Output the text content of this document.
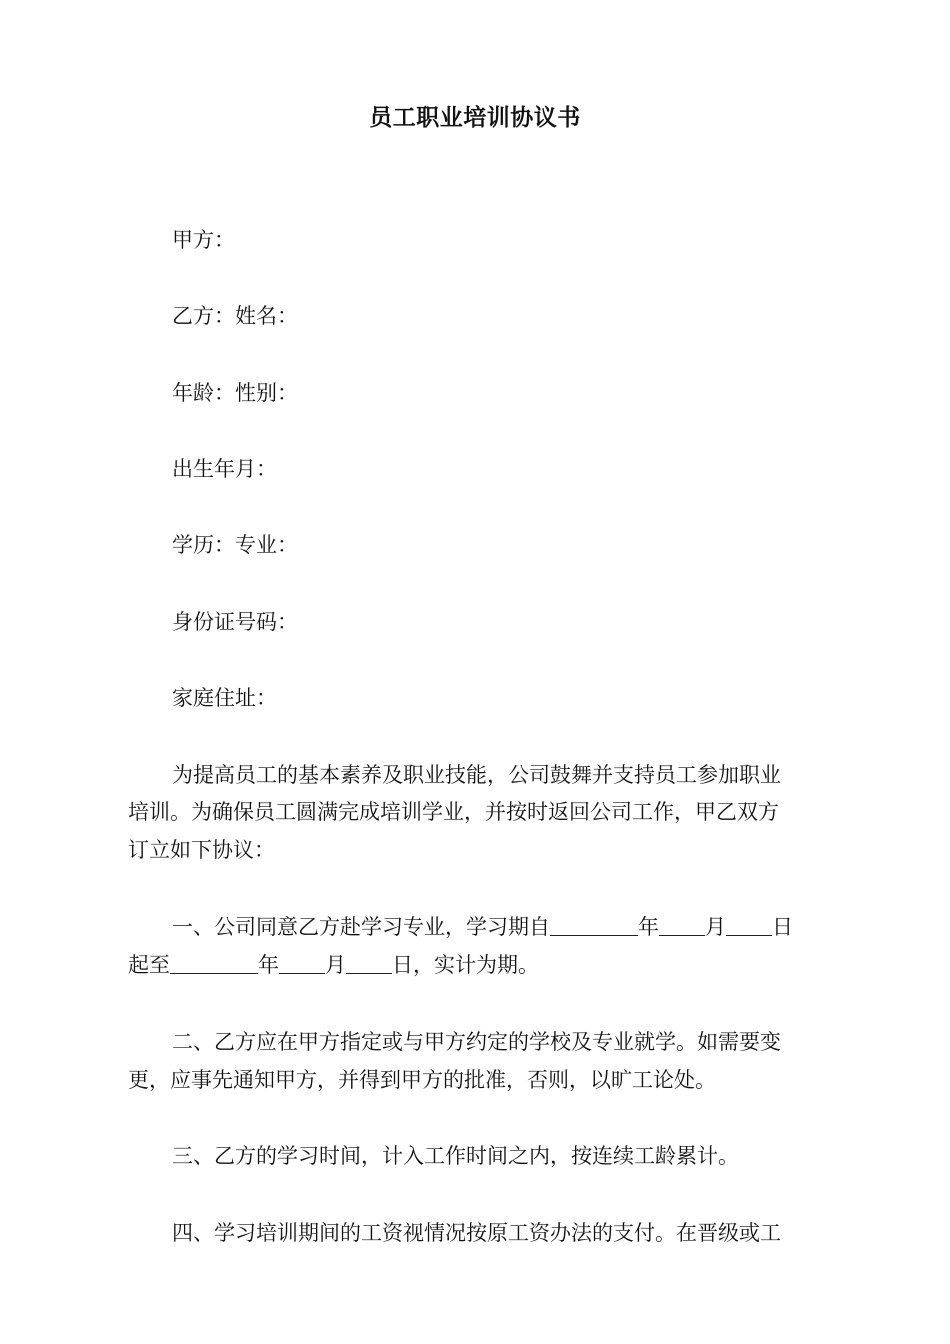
员工职业培训协议书
甲方：
乙方：姓名：
年龄：性别：
出生年月：
学历：专业：
身份证号码：
家庭住址：
为提高员工的基本素养及职业技能，公司鼓舞并支持员工参加职业
培训。为确保员工圆满完成培训学业，并按时返回公司工作，甲乙双方
订立如下协议：
一、公司同意乙方赴学习专业，学习期自	年 月 日
起至	年 月 日，实计为期。
二、乙方应在甲方指定或与甲方约定的学校及专业就学。如需要变
更，应事先通知甲方，并得到甲方的批准，否则，以旷工论处。
三、乙方的学习时间，计入工作时间之内，按连续工龄累计。
四、学习培训期间的工资视情况按原工资办法的支付。在晋级或工
